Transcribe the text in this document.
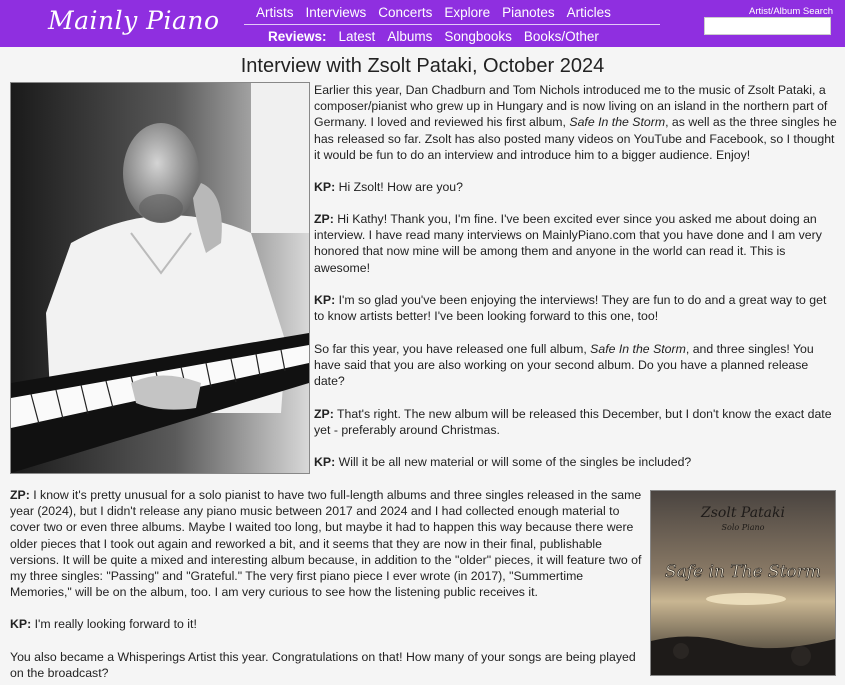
Mainly Piano	Artists Interviews Concerts Explore Pianotes Articles
Reviews: Latest Albums Songbooks Books/Other
Artist/Album Search
Interview with Zsolt Pataki, October 2024

Earlier this year, Dan Chadburn and Tom Nichols introduced me to the music of Zsolt Pataki, a composer/pianist who grew up in Hungary and is now living on an island in the northern part of Germany. I loved and reviewed his first album, Safe In the Storm, as well as the three singles he has released so far. Zsolt has also posted many videos on YouTube and Facebook, so I thought it would be fun to do an interview and introduce him to a bigger audience. Enjoy!

KP: Hi Zsolt! How are you?

ZP: Hi Kathy! Thank you, I'm fine. I've been excited ever since you asked me about doing an interview. I have read many interviews on MainlyPiano.com that you have done and I am very honored that now mine will be among them and anyone in the world can read it. This is awesome!

KP: I'm so glad you've been enjoying the interviews! They are fun to do and a great way to get to know artists better! I've been looking forward to this one, too!

So far this year, you have released one full album, Safe In the Storm, and three singles! You have said that you are also working on your second album. Do you have a planned release date?

ZP: That's right. The new album will be released this December, but I don't know the exact date yet - preferably around Christmas.

KP: Will it be all new material or will some of the singles be included?

ZP: I know it's pretty unusual for a solo pianist to have two full-length albums and three singles released in the same year (2024), but I didn't release any piano music between 2017 and 2024 and I had collected enough material to cover two or even three albums. Maybe I waited too long, but maybe it had to happen this way because there were older pieces that I took out again and reworked a bit, and it seems that they are now in their final, publishable versions. It will be quite a mixed and interesting album because, in addition to the "older" pieces, it will feature two of my three singles: "Passing" and "Grateful." The very first piano piece I ever wrote (in 2017), "Summertime Memories," will be on the album, too. I am very curious to see how the listening public receives it.

KP: I'm really looking forward to it!

You also became a Whisperings Artist this year. Congratulations on that! How many of your songs are being played on the broadcast?

Zsolt Pataki
Solo Piano
Safe in The Storm
